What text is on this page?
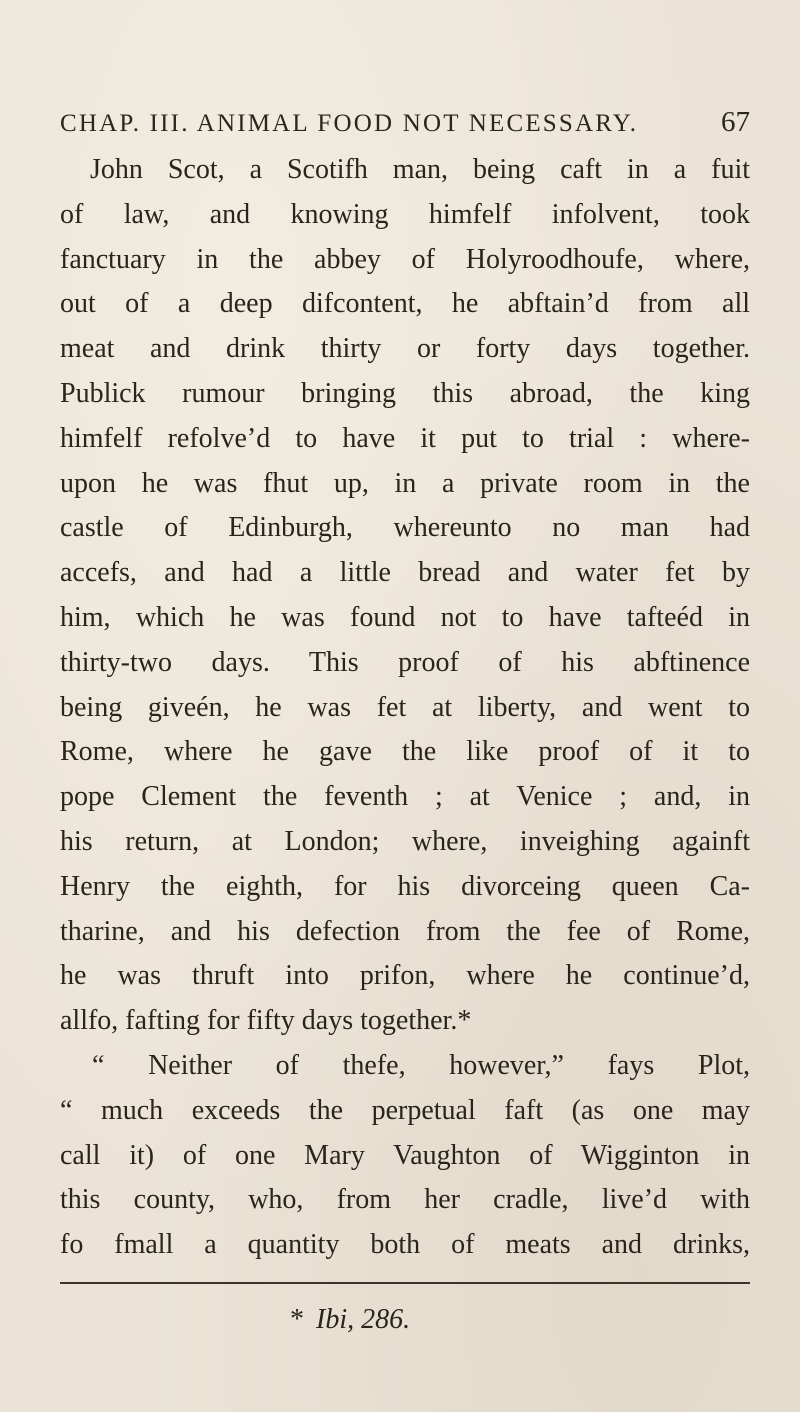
CHAP. III. ANIMAL FOOD NOT NECESSARY.	67
John Scot, a Scotifh man, being caft in a fuit
of law, and knowing himfelf infolvent, took
fanctuary in the abbey of Holyroodhoufe, where,
out of a deep difcontent, he abftain’d from all
meat and drink thirty or forty days together.
Publick rumour bringing this abroad, the king
himfelf refolve’d to have it put to trial : where-
upon he was fhut up, in a private room in the
castle of Edinburgh, whereunto no man had
accefs, and had a little bread and water fet by
him, which he was found not to have tafteéd in
thirty-two days. This proof of his abftinence
being giveén, he was fet at liberty, and went to
Rome, where he gave the like proof of it to
pope Clement the feventh ; at Venice ; and, in
his return, at London; where, inveighing againft
Henry the eighth, for his divorceing queen Ca-
tharine, and his defection from the fee of Rome,
he was thruft into prifon, where he continue’d,
allfo, fafting for fifty days together.*
“ Neither of thefe, however,” fays Plot,
“ much exceeds the perpetual faft (as one may
call it) of one Mary Vaughton of Wigginton in
this county, who, from her cradle, live’d with
fo fmall a quantity both of meats and drinks,
* Ibi, 286.
